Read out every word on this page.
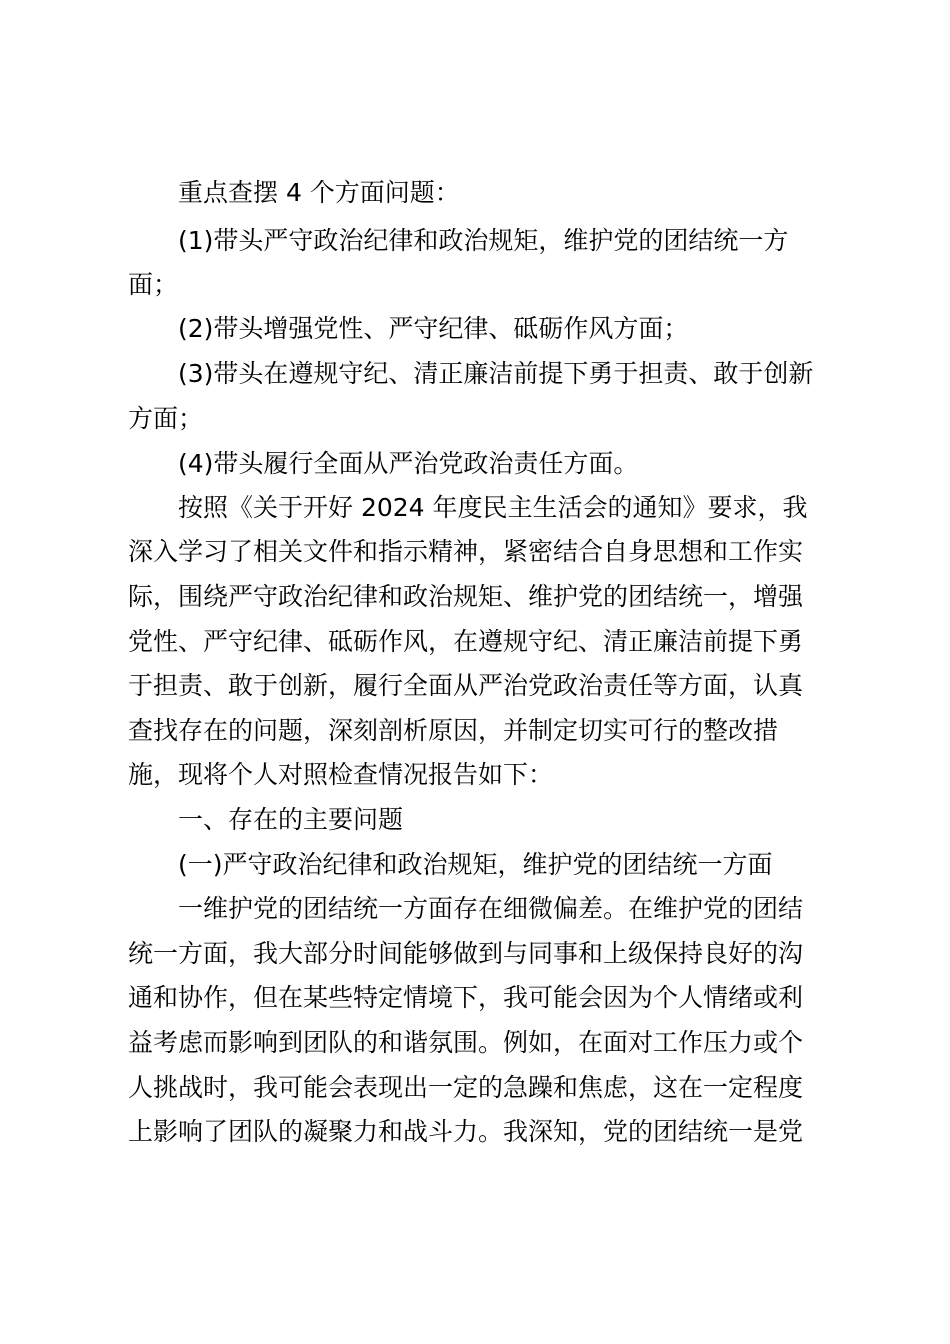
重点查摆 4 个方面问题：
(1)带头严守政治纪律和政治规矩，维护党的团结统一方
面；
(2)带头增强党性、严守纪律、砥砺作风方面；
(3)带头在遵规守纪、清正廉洁前提下勇于担责、敢于创新
方面；
(4)带头履行全面从严治党政治责任方面。
按照《关于开好 2024 年度民主生活会的通知》要求，我
深入学习了相关文件和指示精神，紧密结合自身思想和工作实
际，围绕严守政治纪律和政治规矩、维护党的团结统一，增强
党性、严守纪律、砥砺作风，在遵规守纪、清正廉洁前提下勇
于担责、敢于创新，履行全面从严治党政治责任等方面，认真
查找存在的问题，深刻剖析原因，并制定切实可行的整改措
施，现将个人对照检查情况报告如下：
一、存在的主要问题
(一)严守政治纪律和政治规矩，维护党的团结统一方面
一维护党的团结统一方面存在细微偏差。在维护党的团结
统一方面，我大部分时间能够做到与同事和上级保持良好的沟
通和协作，但在某些特定情境下，我可能会因为个人情绪或利
益考虑而影响到团队的和谐氛围。例如，在面对工作压力或个
人挑战时，我可能会表现出一定的急躁和焦虑，这在一定程度
上影响了团队的凝聚力和战斗力。我深知，党的团结统一是党
